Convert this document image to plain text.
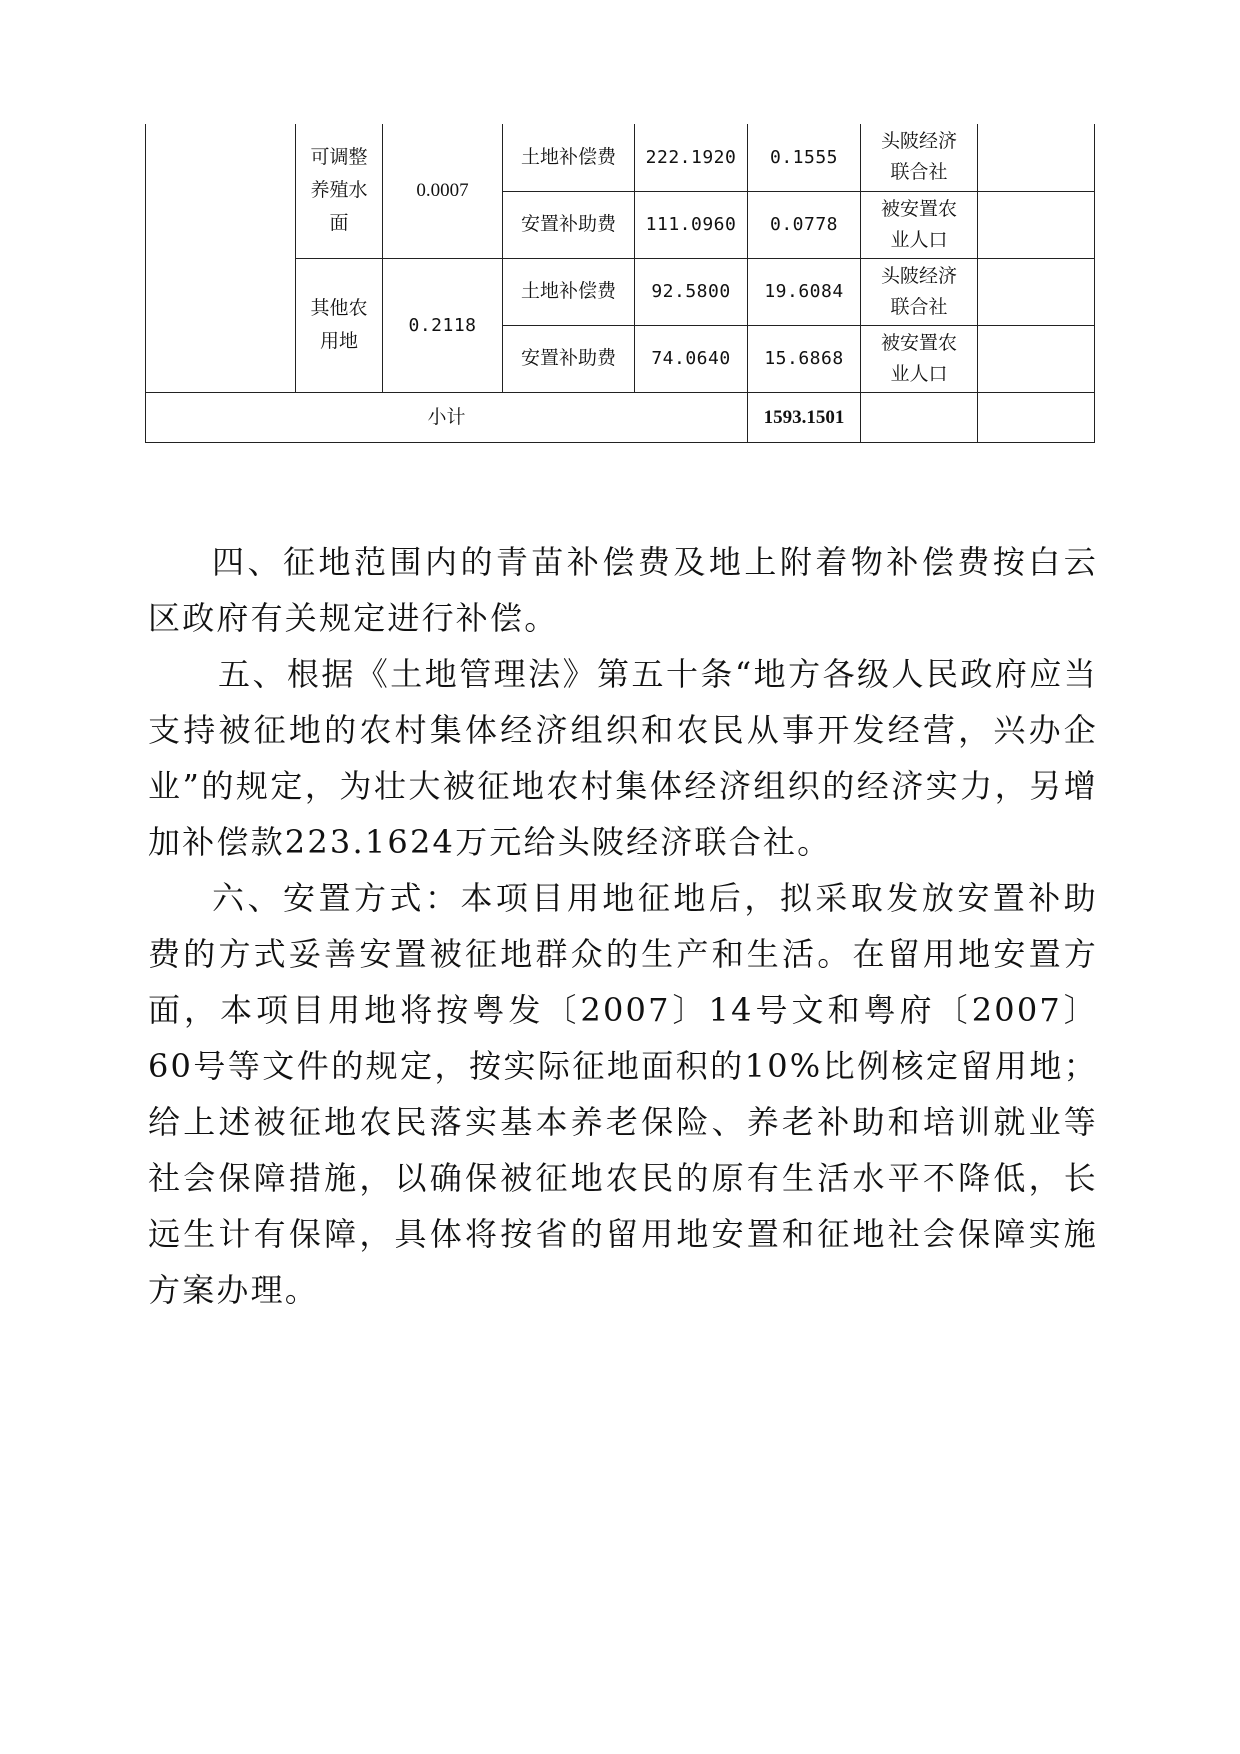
	可调整养殖水面	0.0007	土地补偿费	222.1920	0.1555	头陂经济联合社	
			安置补助费	111.0960	0.0778	被安置农业人口	
	其他农用地	0.2118	土地补偿费	92.5800	19.6084	头陂经济联合社	
			安置补助费	74.0640	15.6868	被安置农业人口	
小计					1593.1501		

四、征地范围内的青苗补偿费及地上附着物补偿费按白云区政府有关规定进行补偿。

五、根据《土地管理法》第五十条“地方各级人民政府应当支持被征地的农村集体经济组织和农民从事开发经营，兴办企业”的规定，为壮大被征地农村集体经济组织的经济实力，另增加补偿款223.1624万元给头陂经济联合社。

六、安置方式：本项目用地征地后，拟采取发放安置补助费的方式妥善安置被征地群众的生产和生活。在留用地安置方面，本项目用地将按粤发〔2007〕14号文和粤府〔2007〕60号等文件的规定，按实际征地面积的10%比例核定留用地；给上述被征地农民落实基本养老保险、养老补助和培训就业等社会保障措施，以确保被征地农民的原有生活水平不降低，长远生计有保障，具体将按省的留用地安置和征地社会保障实施方案办理。
